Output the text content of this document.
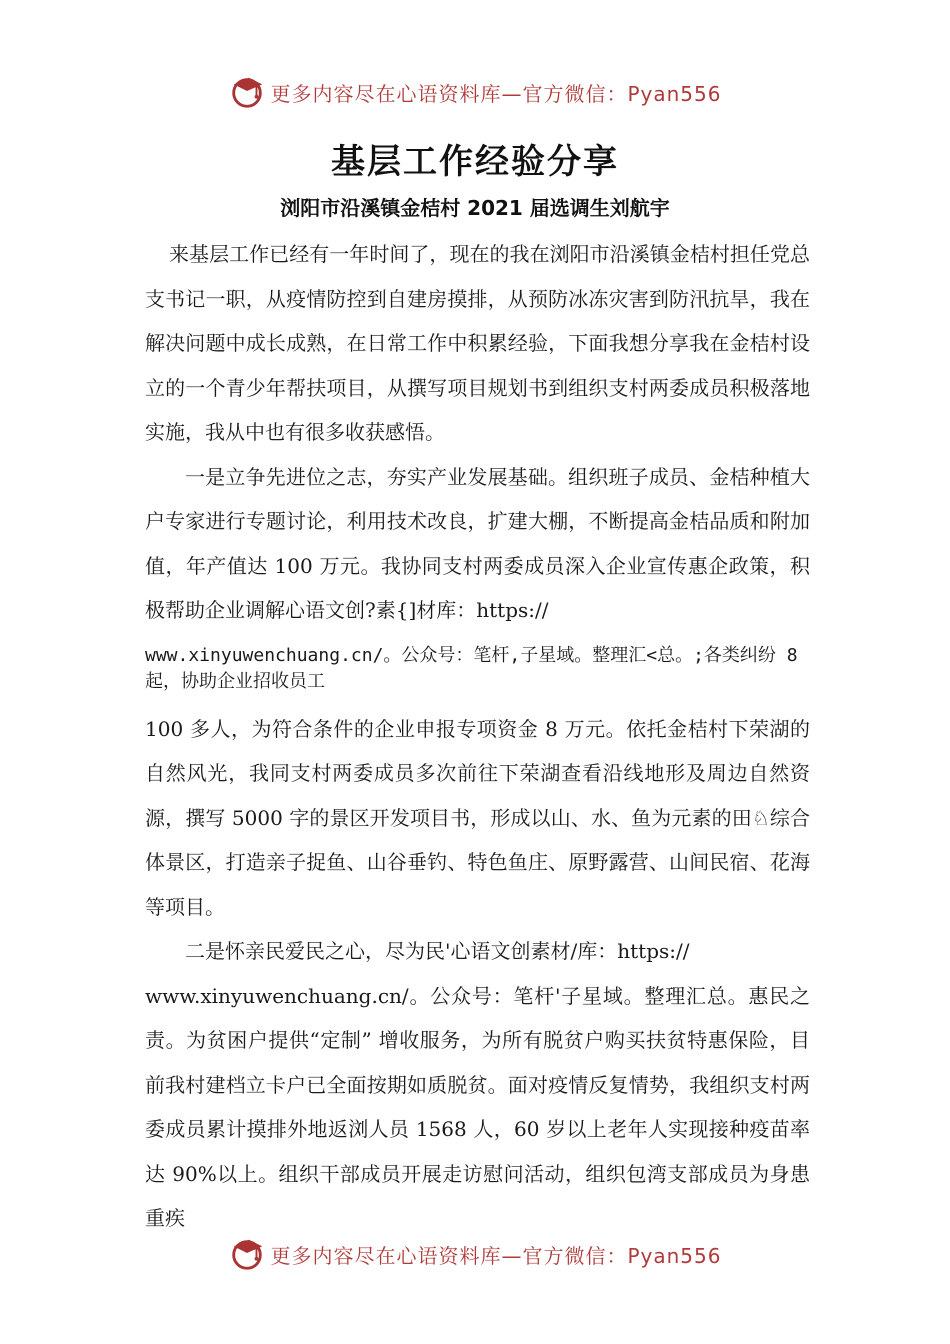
更多内容尽在心语资料库—官方微信：Pyan556
基层工作经验分享
浏阳市沿溪镇金桔村 2021 届选调生刘航宇

来基层工作已经有一年时间了，现在的我在浏阳市沿溪镇金桔村担任党总支书记一职，从疫情防控到自建房摸排，从预防冰冻灾害到防汛抗旱，我在解决问题中成长成熟，在日常工作中积累经验，下面我想分享我在金桔村设立的一个青少年帮扶项目，从撰写项目规划书到组织支村两委成员积极落地实施，我从中也有很多收获感悟。

一是立争先进位之志，夯实产业发展基础。组织班子成员、金桔种植大户专家进行专题讨论，利用技术改良，扩建大棚，不断提高金桔品质和附加值，年产值达 100 万元。我协同支村两委成员深入企业宣传惠企政策，积极帮助企业调解心语文创?素{]材库：https://

www.xinyuwenchuang.cn/。公众号：笔杆,子星域。整理汇<总。;各类纠纷 8 起，协助企业招收员工

100 多人，为符合条件的企业申报专项资金 8 万元。依托金桔村下荣湖的自然风光，我同支村两委成员多次前往下荣湖查看沿线地形及周边自然资源，撰写 5000 字的景区开发项目书，形成以山、水、鱼为元素的田♘综合体景区，打造亲子捉鱼、山谷垂钓、特色鱼庄、原野露营、山间民宿、花海等项目。

二是怀亲民爱民之心，尽为民'心语文创素材/库：https://

www.xinyuwenchuang.cn/。公众号：笔杆'子星域。整理汇总。惠民之责。为贫困户提供“定制” 增收服务，为所有脱贫户购买扶贫特惠保险，目前我村建档立卡户已全面按期如质脱贫。面对疫情反复情势，我组织支村两委成员累计摸排外地返浏人员 1568 人，60 岁以上老年人实现接种疫苗率达 90%以上。组织干部成员开展走访慰问活动，组织包湾支部成员为身患重疾

更多内容尽在心语资料库—官方微信：Pyan556
